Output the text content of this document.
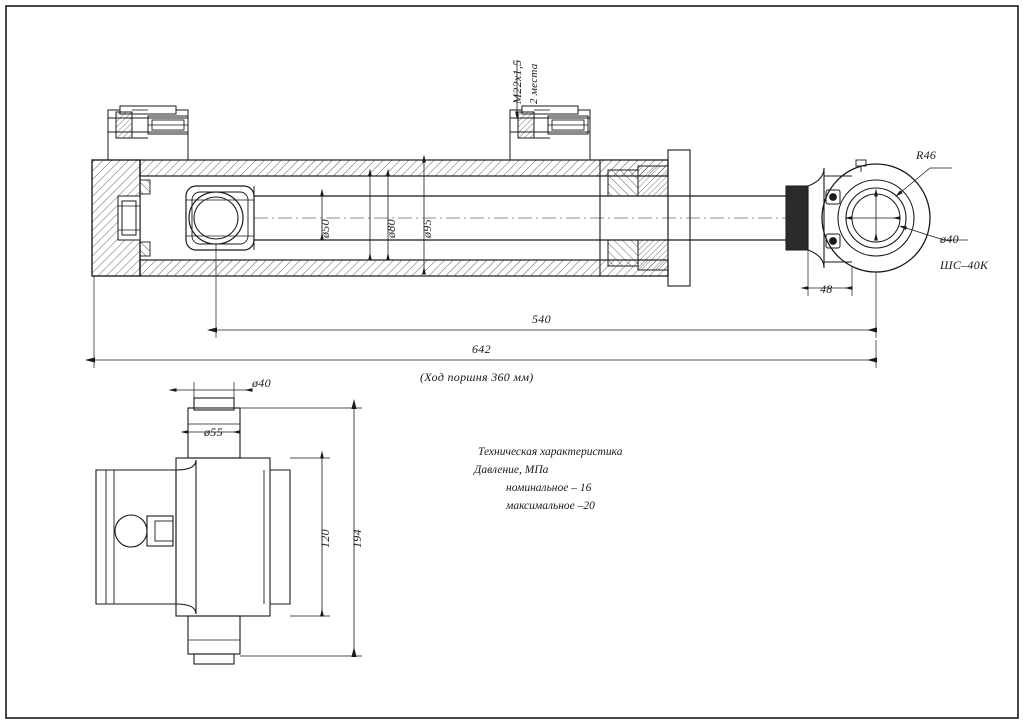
M22x1,5 2 места
R46
ø40
ШС–40К
48
ø50	ø80 ø95
540
642
(Ход поршня 360 мм)
ø40
ø55
120 194
Техническая характеристика
Давление, МПа
номинальное – 16
максимальное –20
